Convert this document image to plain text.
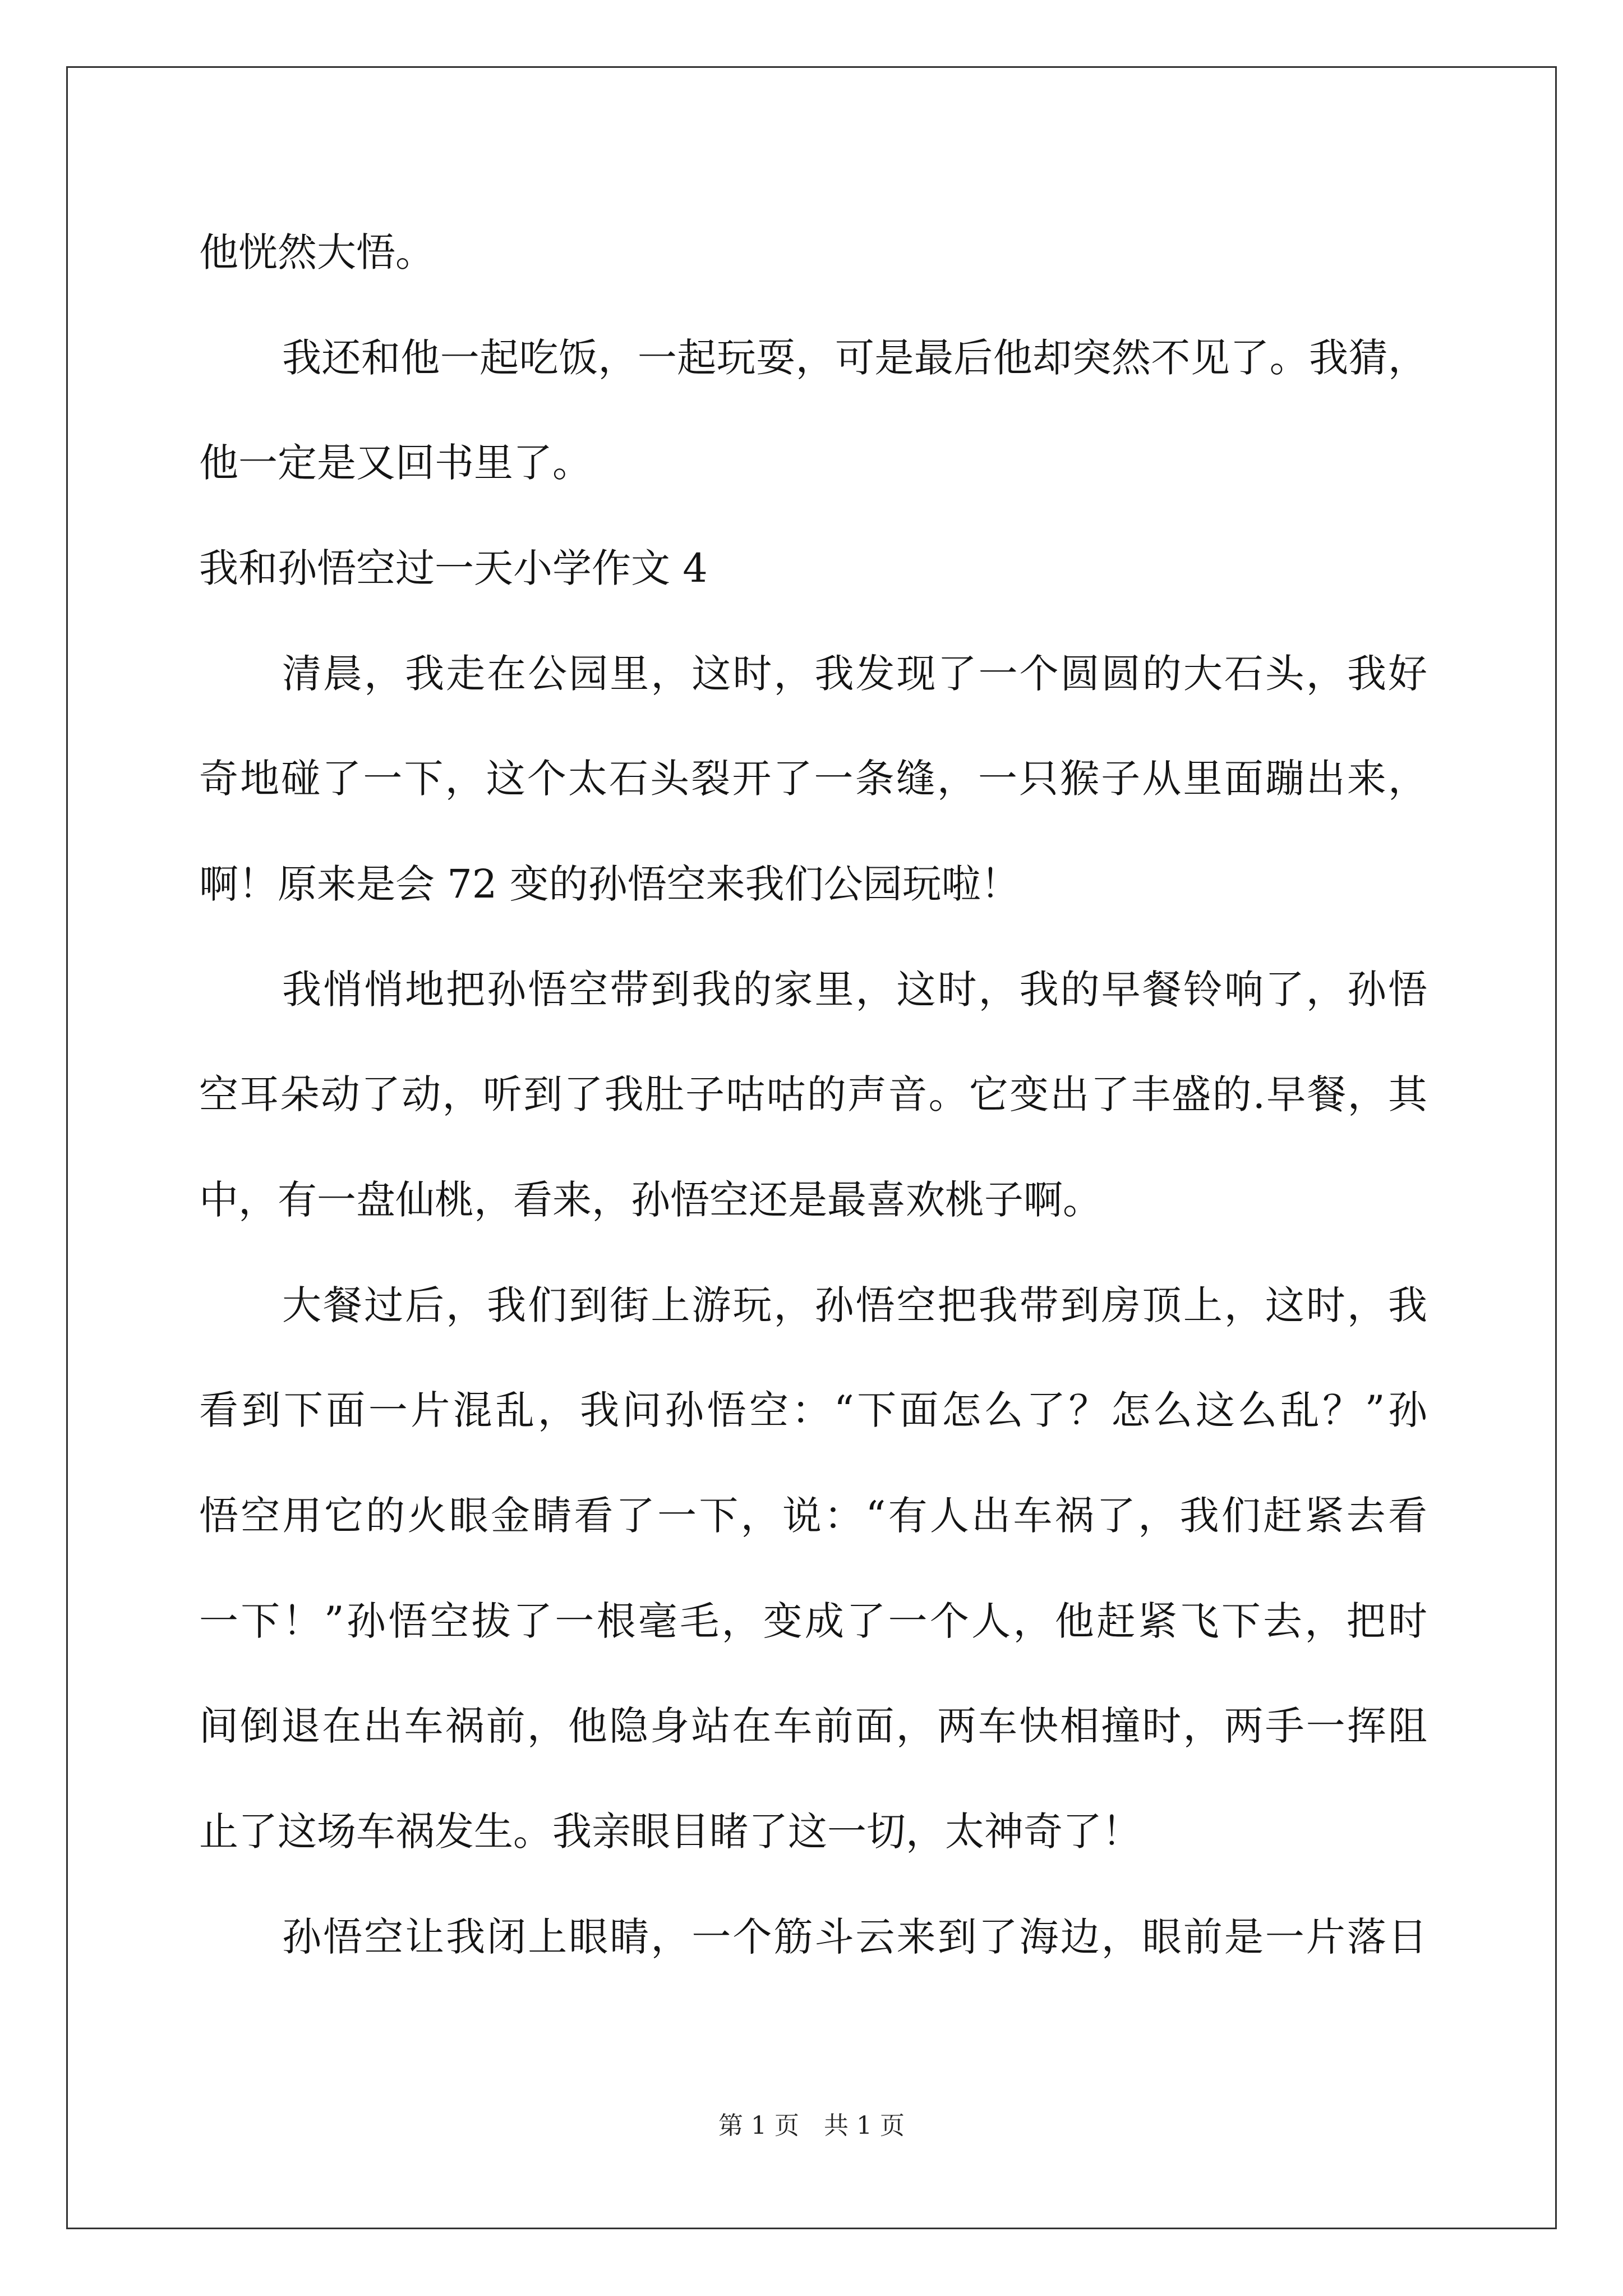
他恍然大悟。
我还和他一起吃饭，一起玩耍，可是最后他却突然不见了。我猜，
他一定是又回书里了。
我和孙悟空过一天小学作文 4
清晨，我走在公园里，这时，我发现了一个圆圆的大石头，我好
奇地碰了一下，这个太石头裂开了一条缝，一只猴子从里面蹦出来，
啊！原来是会 72 变的孙悟空来我们公园玩啦！
我悄悄地把孙悟空带到我的家里，这时，我的早餐铃响了，孙悟
空耳朵动了动，听到了我肚子咕咕的声音。它变出了丰盛的.早餐，其
中，有一盘仙桃，看来，孙悟空还是最喜欢桃子啊。
大餐过后，我们到街上游玩，孙悟空把我带到房顶上，这时，我
看到下面一片混乱，我问孙悟空：“下面怎么了？怎么这么乱？”孙
悟空用它的火眼金睛看了一下，说：“有人出车祸了，我们赶紧去看
一下！”孙悟空拔了一根毫毛，变成了一个人，他赶紧飞下去，把时
间倒退在出车祸前，他隐身站在车前面，两车快相撞时，两手一挥阻
止了这场车祸发生。我亲眼目睹了这一切，太神奇了！
孙悟空让我闭上眼睛，一个筋斗云来到了海边，眼前是一片落日
第 1 页　共 1 页
